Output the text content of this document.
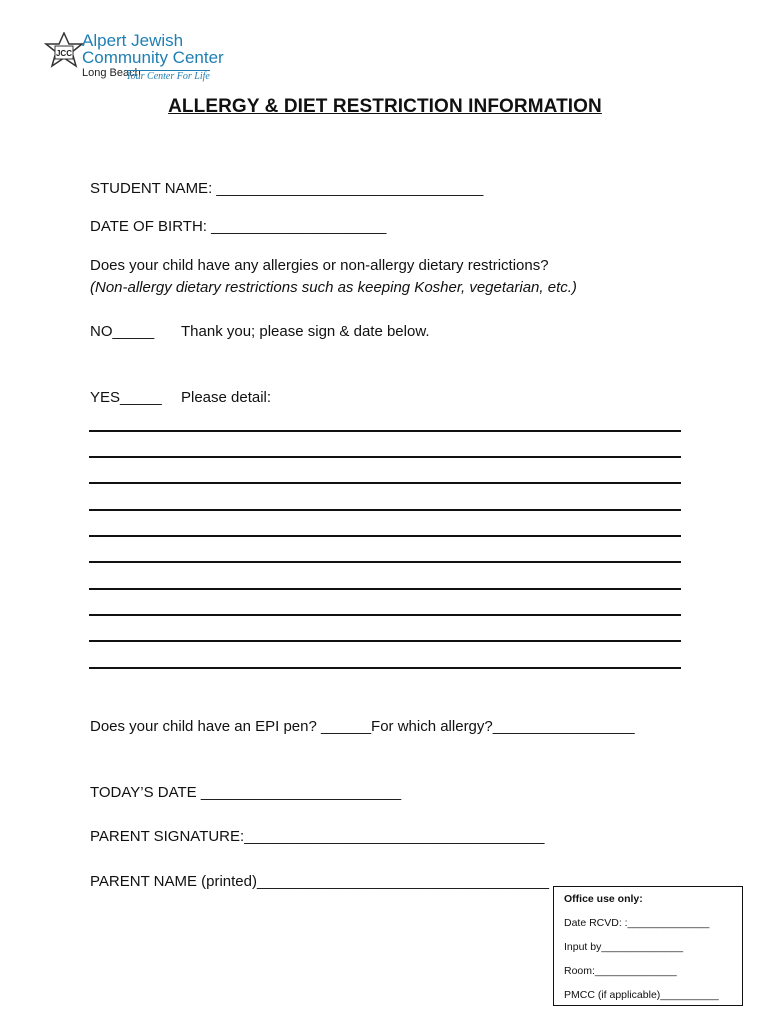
JCC
Alpert Jewish
Community Center
Long Beach
Your Center For Life
ALLERGY & DIET RESTRICTION INFORMATION
STUDENT NAME: ________________________________
DATE OF BIRTH: _____________________
Does your child have any allergies or non-allergy dietary restrictions?
(Non-allergy dietary restrictions such as keeping Kosher, vegetarian, etc.)
NO_____ Thank you; please sign & date below.
YES_____ Please detail:
Does your child have an EPI pen? ______For which allergy?_________________
TODAY’S DATE ________________________
PARENT SIGNATURE:____________________________________
PARENT NAME (printed)___________________________________
Office use only:
Date RCVD: :______________
Input by______________
Room:______________
PMCC (if applicable)__________
